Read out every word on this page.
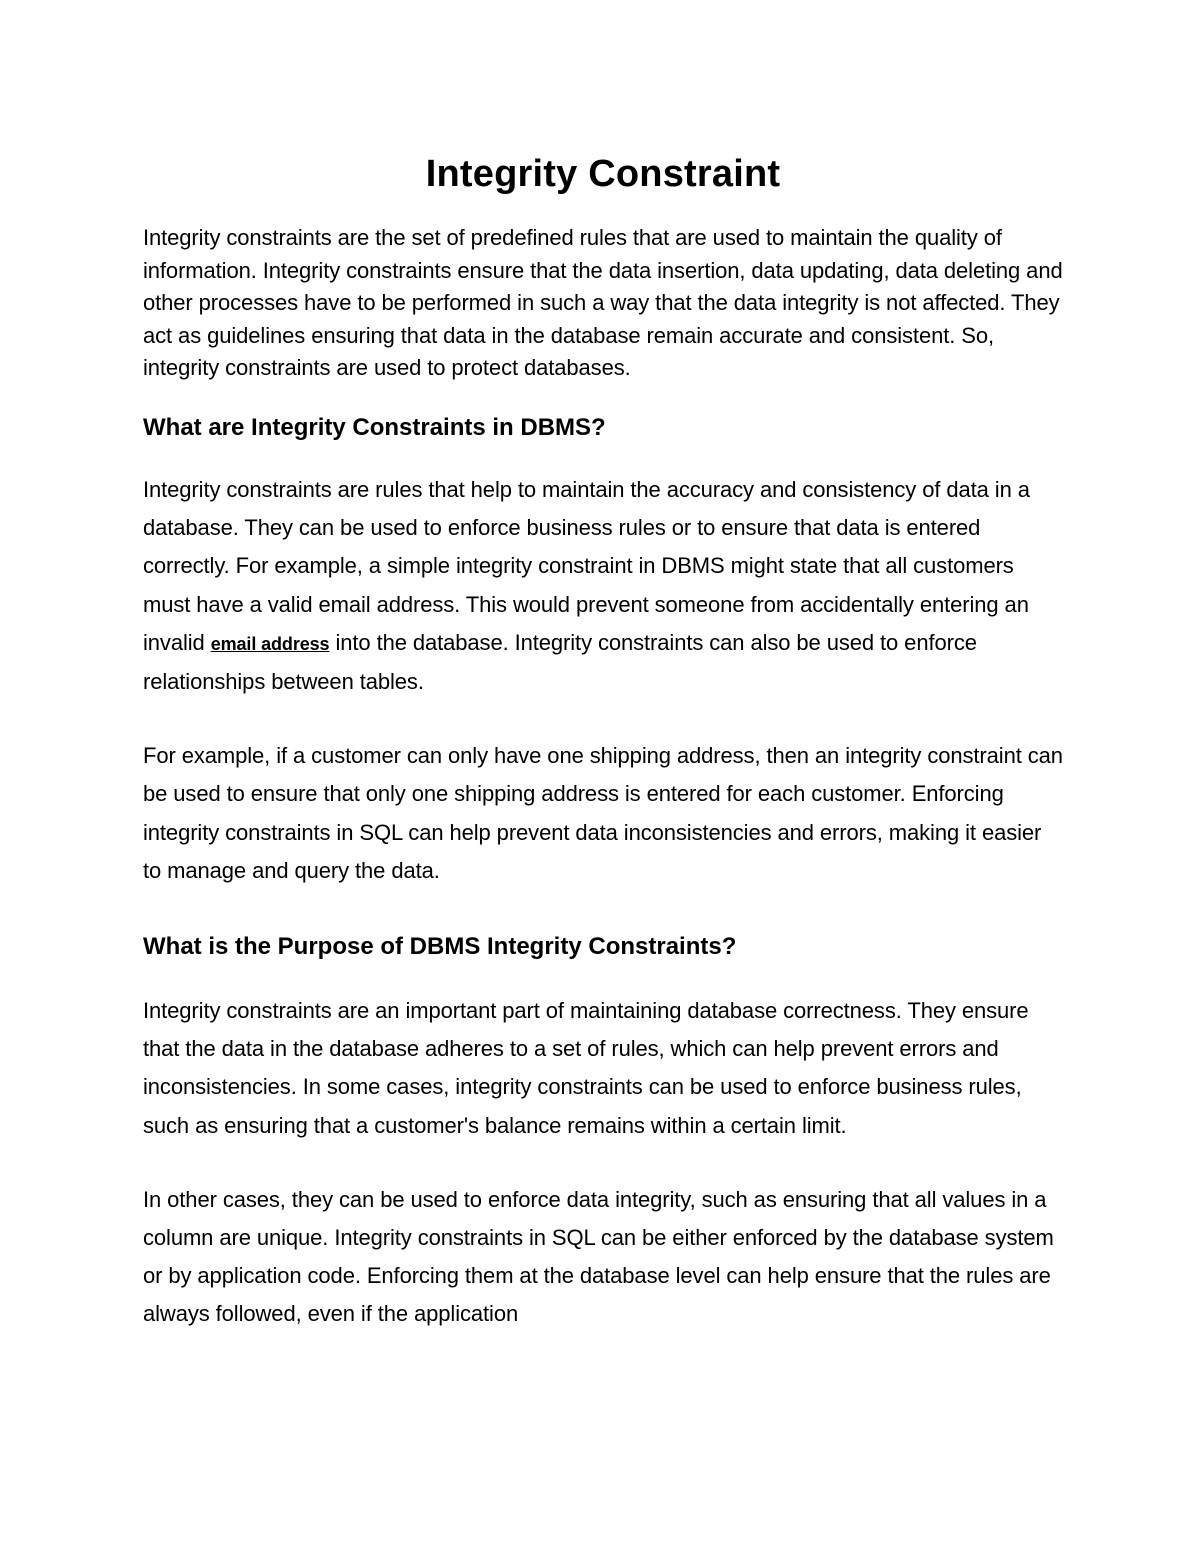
Integrity Constraint

Integrity constraints are the set of predefined rules that are used to maintain the quality of information. Integrity constraints ensure that the data insertion, data updating, data deleting and other processes have to be performed in such a way that the data integrity is not affected. They act as guidelines ensuring that data in the database remain accurate and consistent. So, integrity constraints are used to protect databases.

What are Integrity Constraints in DBMS?

Integrity constraints are rules that help to maintain the accuracy and consistency of data in a database. They can be used to enforce business rules or to ensure that data is entered correctly. For example, a simple integrity constraint in DBMS might state that all customers must have a valid email address. This would prevent someone from accidentally entering an invalid email address into the database. Integrity constraints can also be used to enforce relationships between tables.

For example, if a customer can only have one shipping address, then an integrity constraint can be used to ensure that only one shipping address is entered for each customer. Enforcing integrity constraints in SQL can help prevent data inconsistencies and errors, making it easier to manage and query the data.

What is the Purpose of DBMS Integrity Constraints?

Integrity constraints are an important part of maintaining database correctness. They ensure that the data in the database adheres to a set of rules, which can help prevent errors and inconsistencies. In some cases, integrity constraints can be used to enforce business rules, such as ensuring that a customer's balance remains within a certain limit.

In other cases, they can be used to enforce data integrity, such as ensuring that all values in a column are unique. Integrity constraints in SQL can be either enforced by the database system or by application code. Enforcing them at the database level can help ensure that the rules are always followed, even if the application
